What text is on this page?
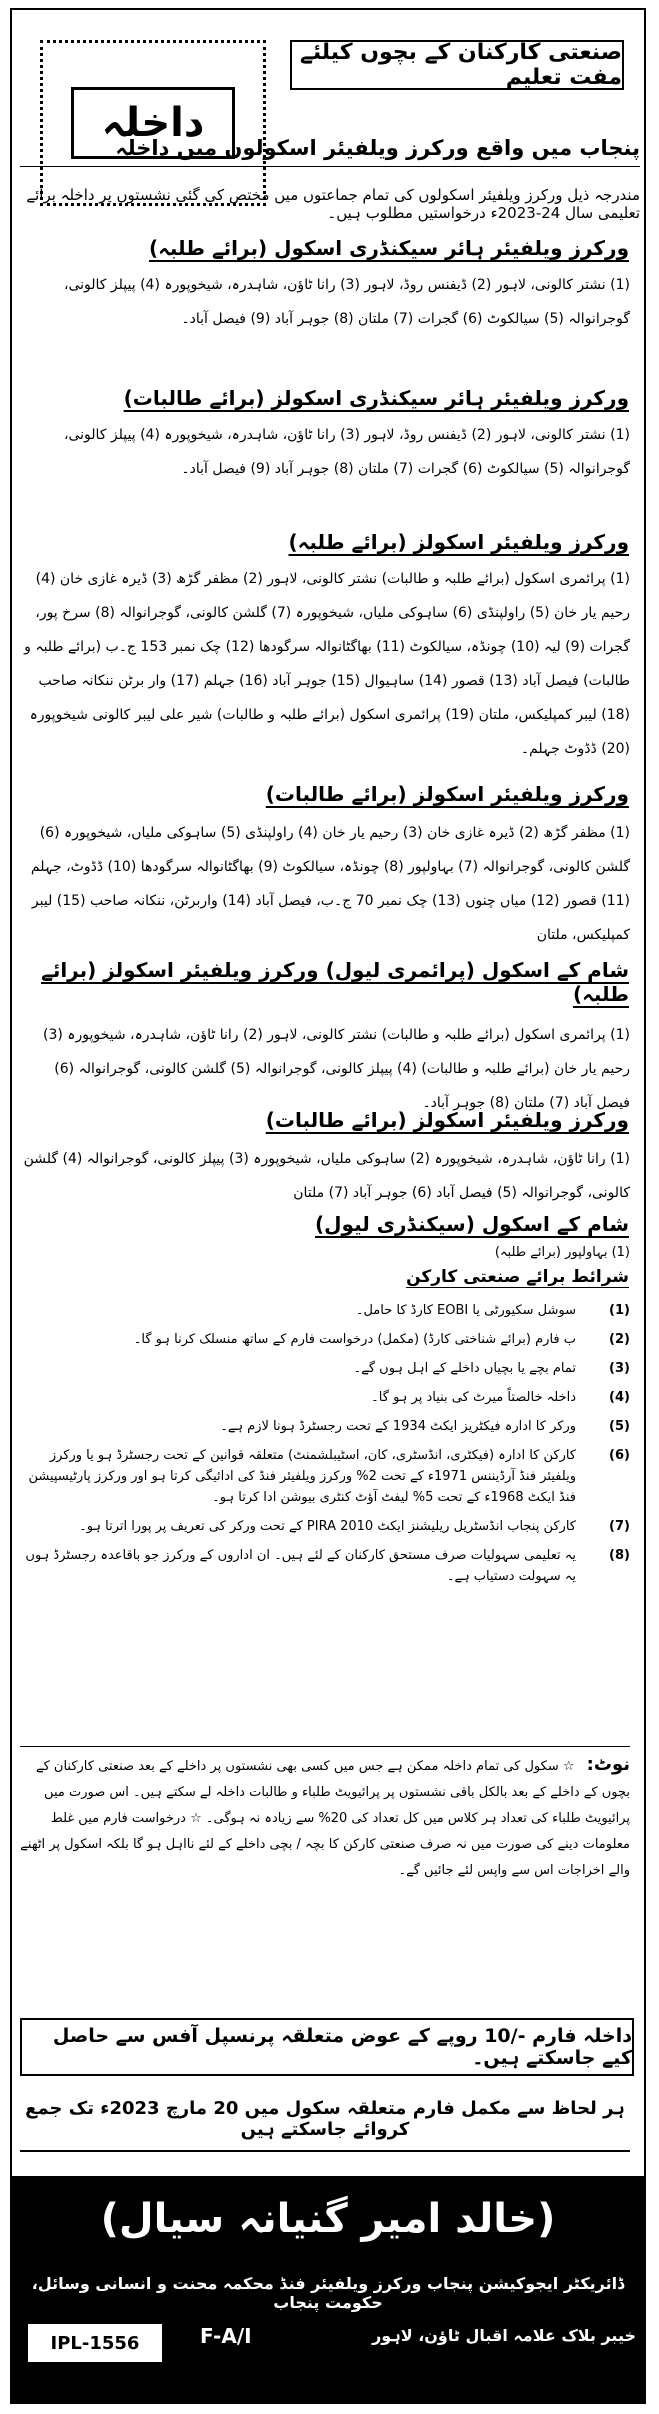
صنعتی کارکنان کے بچوں کیلئے مفت تعلیم
داخلہ
پنجاب میں واقع ورکرز ویلفیئر اسکولوں میں داخلہ
مندرجہ ذیل ورکرز ویلفیئر اسکولوں کی تمام جماعتوں میں مختص کی گئی نشستوں پر داخلہ برائے تعلیمی سال 24-2023ء درخواستیں مطلوب ہیں۔
ورکرز ویلفیئر ہائر سیکنڈری اسکول (برائے طلبہ)
(1) نشتر کالونی، لاہور (2) ڈیفنس روڈ، لاہور (3) رانا ٹاؤن، شاہدرہ، شیخوپورہ (4) پیپلز کالونی، گوجرانوالہ (5) سیالکوٹ (6) گجرات (7) ملتان (8) جوہر آباد (9) فیصل آباد۔
ورکرز ویلفیئر ہائر سیکنڈری اسکولز (برائے طالبات)
(1) نشتر کالونی، لاہور (2) ڈیفنس روڈ، لاہور (3) رانا ٹاؤن، شاہدرہ، شیخوپورہ (4) پیپلز کالونی، گوجرانوالہ (5) سیالکوٹ (6) گجرات (7) ملتان (8) جوہر آباد (9) فیصل آباد۔
ورکرز ویلفیئر اسکولز (برائے طلبہ)
(1) پرائمری اسکول (برائے طلبہ و طالبات) نشتر کالونی، لاہور (2) مظفر گڑھ (3) ڈیرہ غازی خان (4) رحیم یار خان (5) راولپنڈی (6) ساہوکی ملیاں، شیخوپورہ (7) گلشن کالونی، گوجرانوالہ (8) سرخ پور، گجرات (9) لیہ (10) چونڈہ، سیالکوٹ (11) بھاگٹانوالہ سرگودھا (12) چک نمبر 153 ج۔ب (برائے طلبہ و طالبات) فیصل آباد (13) قصور (14) ساہیوال (15) جوہر آباد (16) جہلم (17) وار برٹن ننکانہ صاحب (18) لیبر کمپلیکس، ملتان (19) پرائمری اسکول (برائے طلبہ و طالبات) شیر علی لیبر کالونی شیخوپورہ (20) ڈڈوٹ جہلم۔
ورکرز ویلفیئر اسکولز (برائے طالبات)
(1) مظفر گڑھ (2) ڈیرہ غازی خان (3) رحیم یار خان (4) راولپنڈی (5) ساہوکی ملیاں، شیخوپورہ (6) گلشن کالونی، گوجرانوالہ (7) بہاولپور (8) چونڈہ، سیالکوٹ (9) بھاگٹانوالہ سرگودھا (10) ڈڈوٹ، جہلم (11) قصور (12) میاں چنوں (13) چک نمبر 70 ج۔ب، فیصل آباد (14) واربرٹن، ننکانہ صاحب (15) لیبر کمپلیکس، ملتان
شام کے اسکول (پرائمری لیول) ورکرز ویلفیئر اسکولز (برائے طلبہ)
(1) پرائمری اسکول (برائے طلبہ و طالبات) نشتر کالونی، لاہور (2) رانا ٹاؤن، شاہدرہ، شیخوپورہ (3) رحیم یار خان (برائے طلبہ و طالبات) (4) پیپلز کالونی، گوجرانوالہ (5) گلشن کالونی، گوجرانوالہ (6) فیصل آباد (7) ملتان (8) جوہر آباد۔
ورکرز ویلفیئر اسکولز (برائے طالبات)
(1) رانا ٹاؤن، شاہدرہ، شیخوپورہ (2) ساہوکی ملیاں، شیخوپورہ (3) پیپلز کالونی، گوجرانوالہ (4) گلشن کالونی، گوجرانوالہ (5) فیصل آباد (6) جوہر آباد (7) ملتان
شام کے اسکول (سیکنڈری لیول)
(1) بہاولپور (برائے طلبہ)
شرائط برائے صنعتی کارکن
(1)
سوشل سکیورٹی یا EOBI کارڈ کا حامل۔
(2)
ب فارم (برائے شناختی کارڈ) (مکمل) درخواست فارم کے ساتھ منسلک کرنا ہو گا۔
(3)
تمام بچے یا بچیاں داخلے کے اہل ہوں گے۔
(4)
داخلہ خالصتاً میرٹ کی بنیاد پر ہو گا۔
(5)
ورکر کا ادارہ فیکٹریز ایکٹ 1934 کے تحت رجسٹرڈ ہونا لازم ہے۔
(6)
کارکن کا ادارہ (فیکٹری، انڈسٹری، کان، اسٹیبلشمنٹ) متعلقہ قوانین کے تحت رجسٹرڈ ہو یا ورکرز ویلفیئر فنڈ آرڈیننس 1971ء کے تحت 2% ورکرز ویلفیئر فنڈ کی ادائیگی کرتا ہو اور ورکرز پارٹیسپیشن فنڈ ایکٹ 1968ء کے تحت 5% لیفٹ آؤٹ کنٹری بیوشن ادا کرتا ہو۔
(7)
کارکن پنجاب انڈسٹریل ریلیشنز ایکٹ PIRA 2010 کے تحت ورکر کی تعریف پر پورا اترتا ہو۔
(8)
یہ تعلیمی سہولیات صرف مستحق کارکنان کے لئے ہیں۔ ان اداروں کے ورکرز جو باقاعدہ رجسٹرڈ ہوں یہ سہولت دستیاب ہے۔
نوٹ: ☆ سکول کی تمام داخلہ ممکن ہے جس میں کسی بھی نشستوں پر داخلے کے بعد صنعتی کارکنان کے بچوں کے داخلے کے بعد بالکل باقی نشستوں پر پرائیویٹ طلباء و طالبات داخلہ لے سکتے ہیں۔ اس صورت میں پرائیویٹ طلباء کی تعداد ہر کلاس میں کل تعداد کی 20% سے زیادہ نہ ہوگی۔ ☆ درخواست فارم میں غلط معلومات دینے کی صورت میں نہ صرف صنعتی کارکن کا بچہ / بچی داخلے کے لئے نااہل ہو گا بلکہ اسکول پر اٹھنے والے اخراجات اس سے واپس لئے جائیں گے۔
داخلہ فارم -/10 روپے کے عوض متعلقہ پرنسپل آفس سے حاصل کیے جاسکتے ہیں۔
ہر لحاظ سے مکمل فارم متعلقہ سکول میں 20 مارچ 2023ء تک جمع کروائے جاسکتے ہیں
(خالد امیر گنیانہ سیال)
ڈائریکٹر ایجوکیشن پنجاب ورکرز ویلفیئر فنڈ محکمہ محنت و انسانی وسائل، حکومت پنجاب
IPL-1556	F-A/I	خیبر بلاک علامہ اقبال ٹاؤن، لاہور
